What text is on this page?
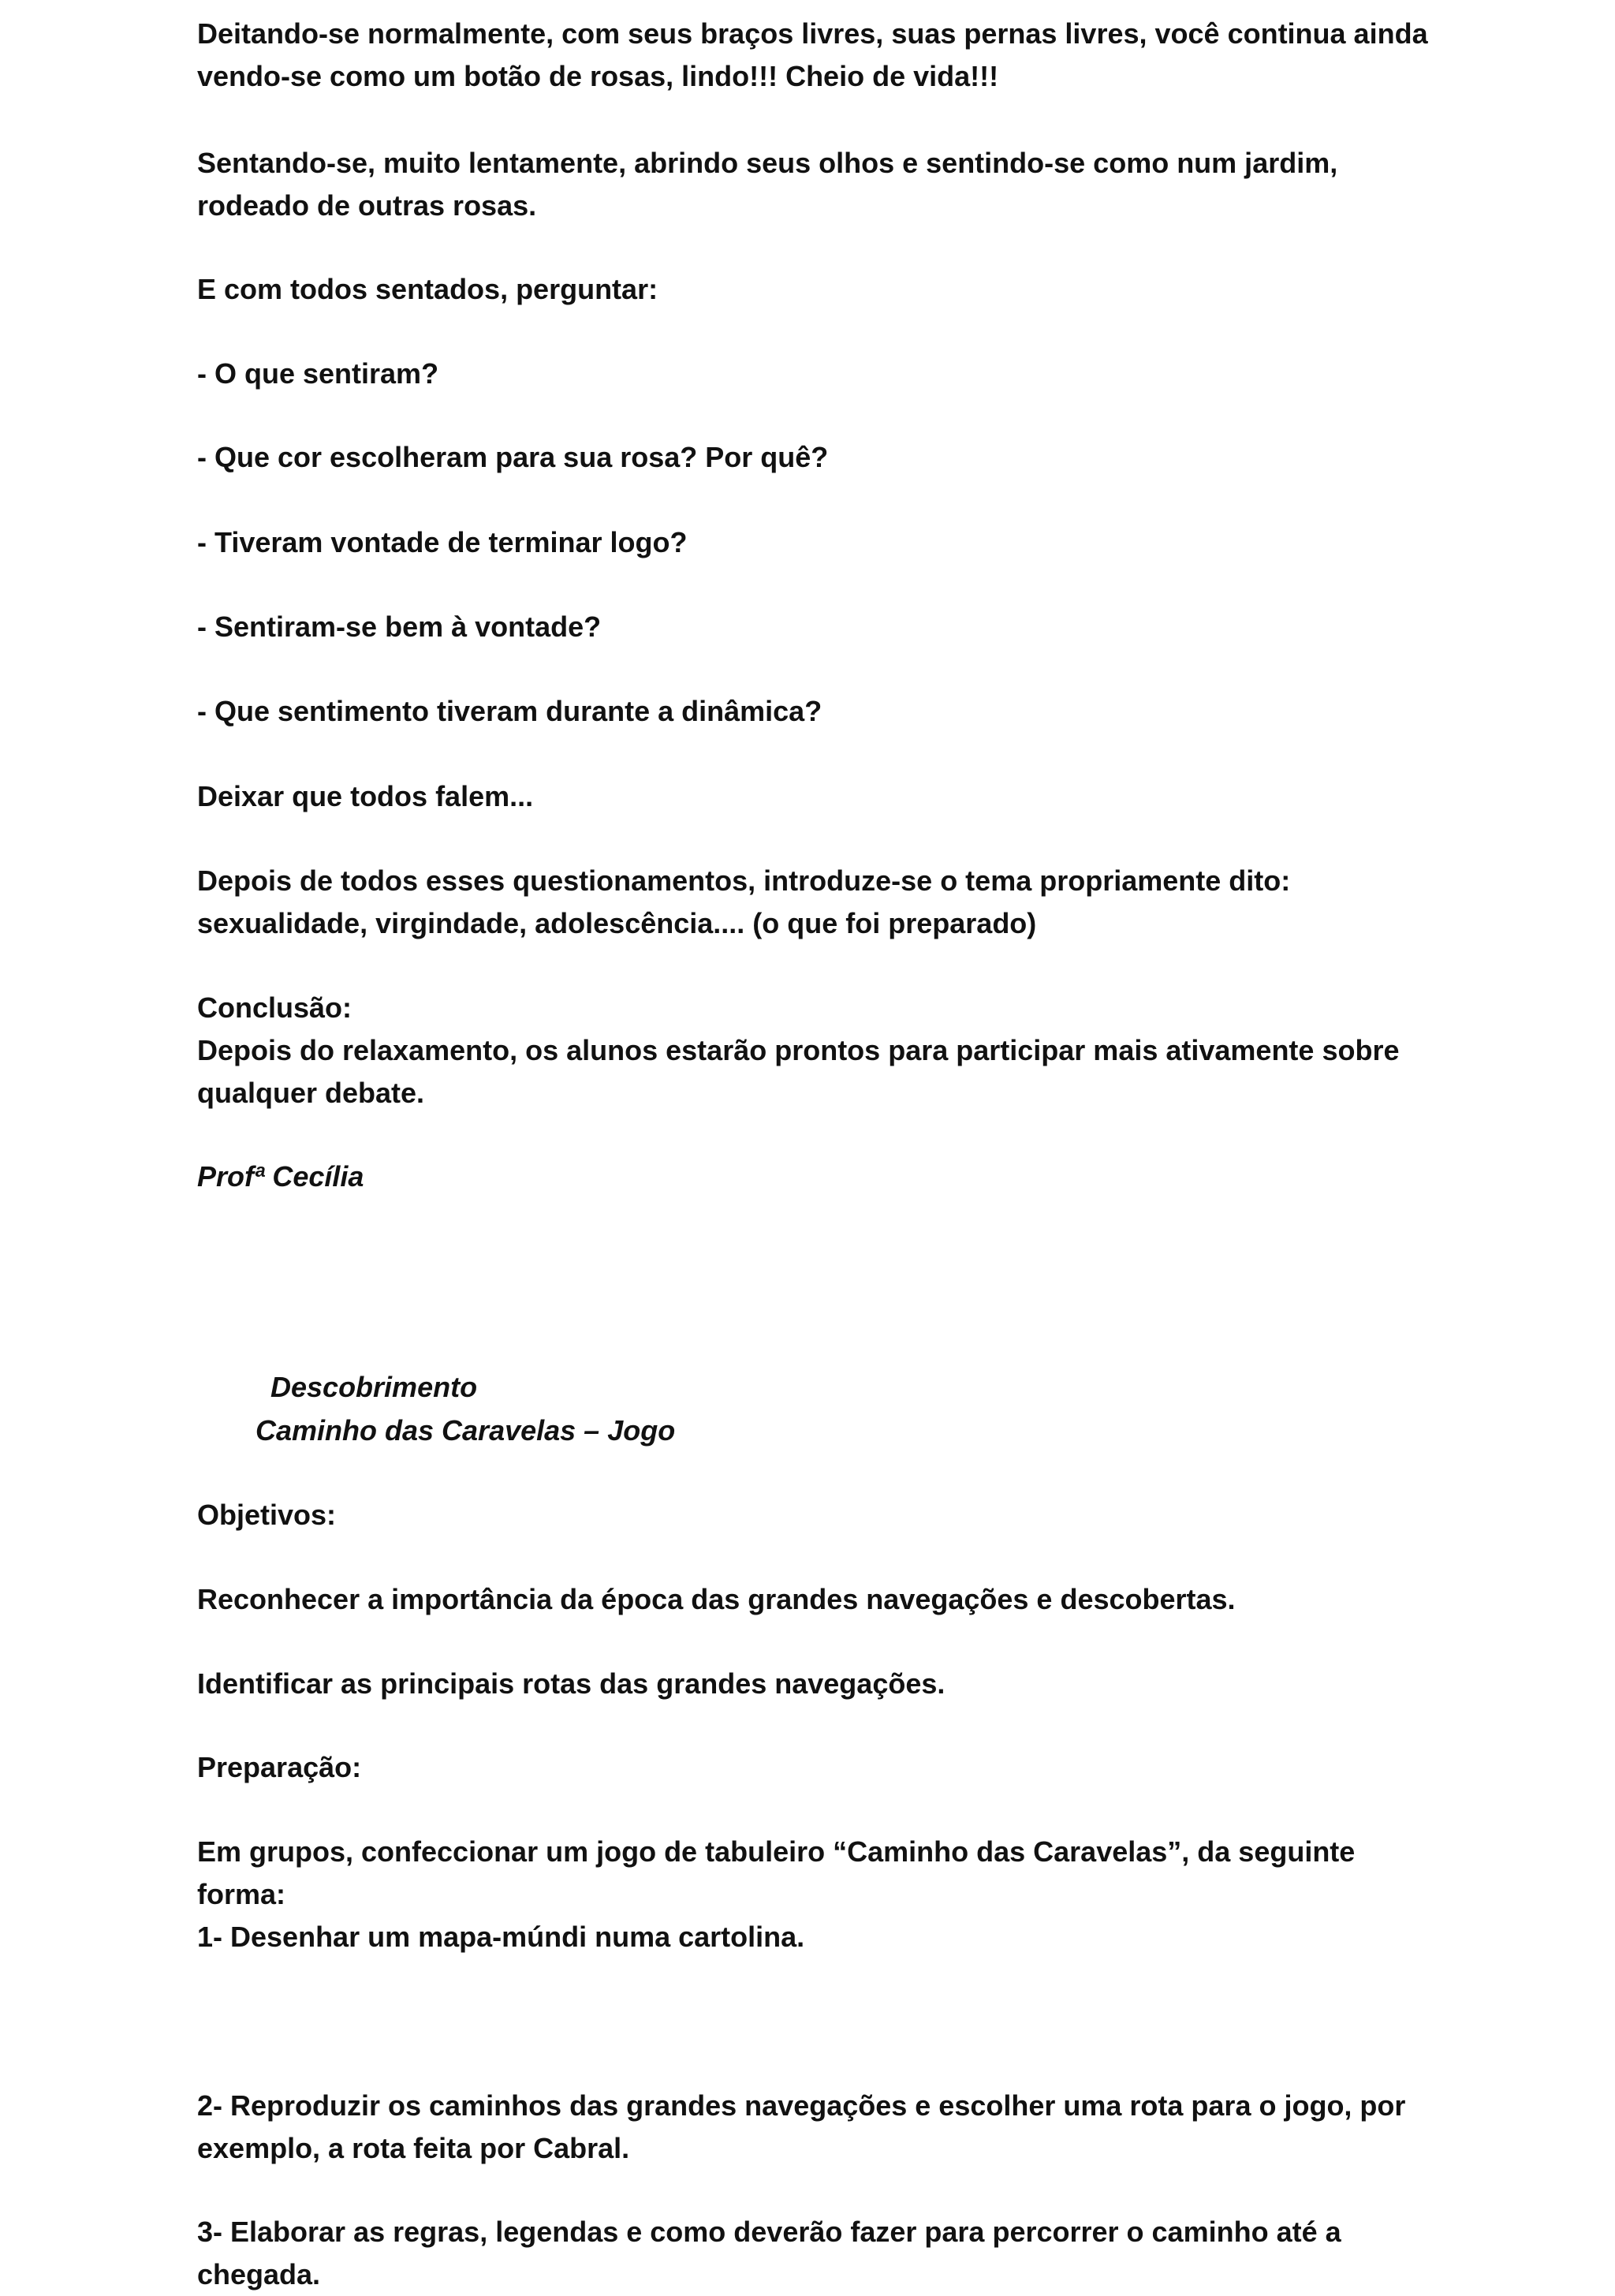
Deitando-se normalmente, com seus braços livres, suas pernas livres, você continua ainda vendo-se como um botão de rosas, lindo!!! Cheio de vida!!!

Sentando-se, muito lentamente, abrindo seus olhos e sentindo-se como num jardim, rodeado de outras rosas.

E com todos sentados, perguntar:

- O que sentiram?

- Que cor escolheram para sua rosa? Por quê?

- Tiveram vontade de terminar logo?

- Sentiram-se bem à vontade?

- Que sentimento tiveram durante a dinâmica?

Deixar que todos falem...

Depois de todos esses questionamentos, introduze-se o tema propriamente dito: sexualidade, virgindade, adolescência.... (o que foi preparado)

Conclusão:

Depois do relaxamento, os alunos estarão prontos para participar mais ativamente sobre qualquer debate.

Profª Cecília

Descobrimento

Caminho das Caravelas – Jogo

Objetivos:

Reconhecer a importância da época das grandes navegações e descobertas.

Identificar as principais rotas das grandes navegações.

Preparação:

Em grupos, confeccionar um jogo de tabuleiro “Caminho das Caravelas”, da seguinte forma:

1- Desenhar um mapa-múndi numa cartolina.

2- Reproduzir os caminhos das grandes navegações e escolher uma rota para o jogo, por exemplo, a rota feita por Cabral.

3- Elaborar as regras, legendas e como deverão fazer para percorrer o caminho até a chegada.
